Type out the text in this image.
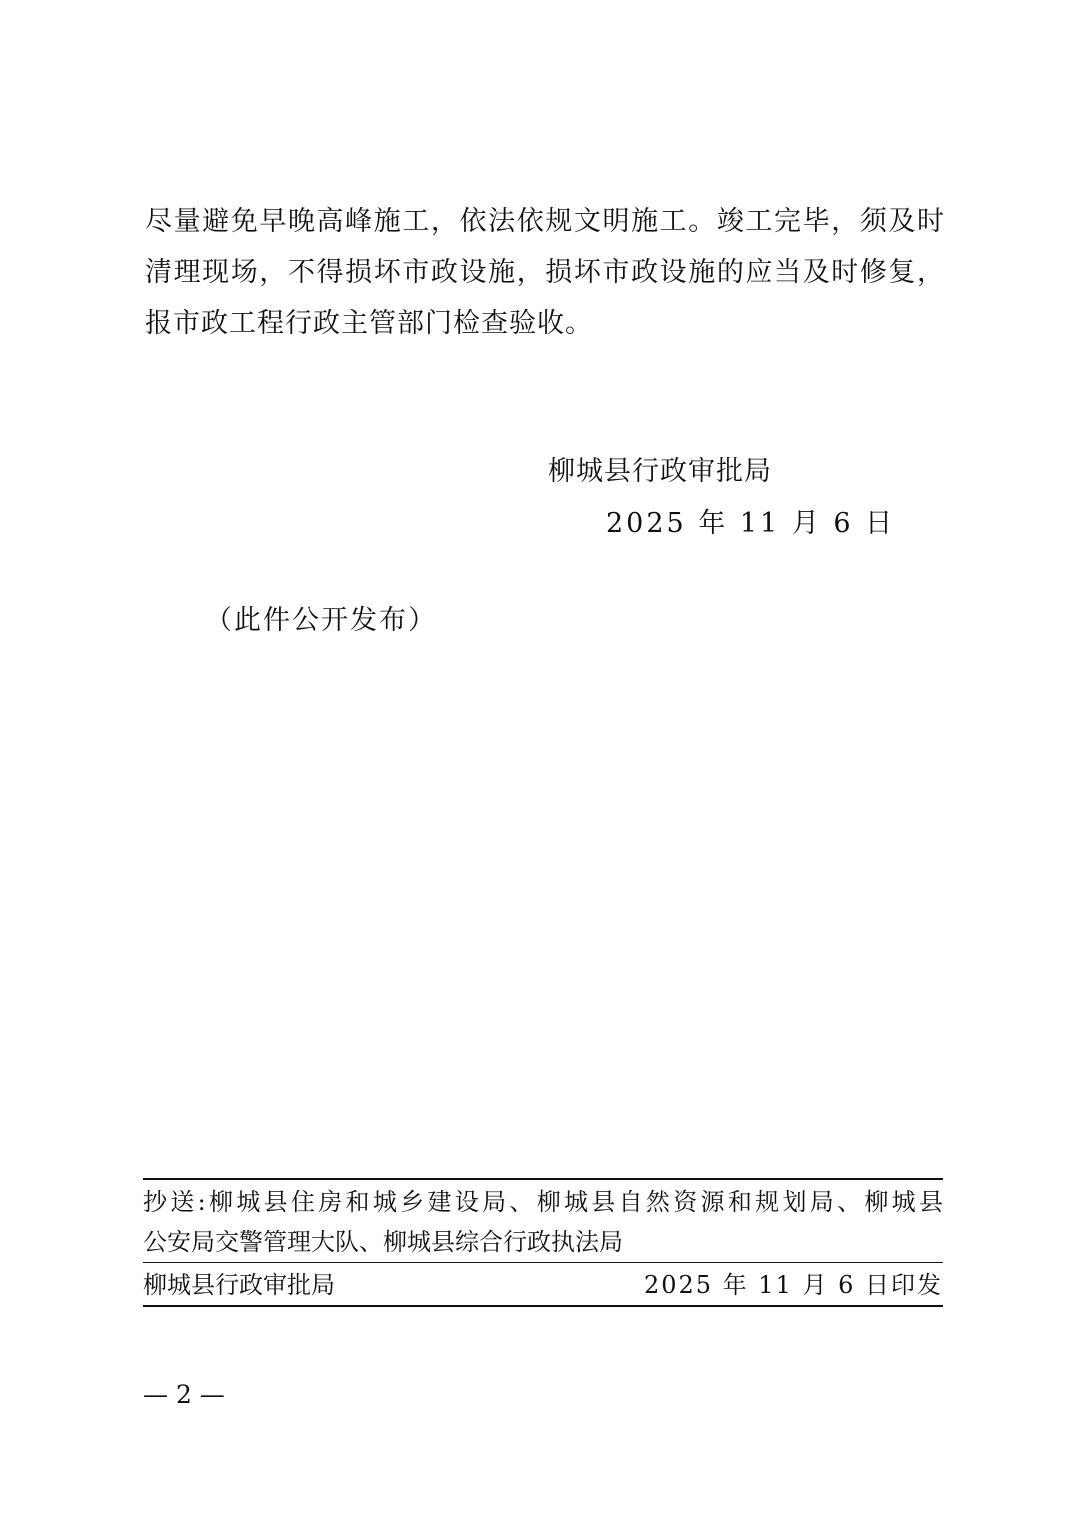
尽量避免早晚高峰施工，依法依规文明施工。竣工完毕，须及时
清理现场，不得损坏市政设施，损坏市政设施的应当及时修复，
报市政工程行政主管部门检查验收。
柳城县行政审批局
2025 年 11 月 6 日
（此件公开发布）
抄送:柳城县住房和城乡建设局、柳城县自然资源和规划局、柳城县
公安局交警管理大队、柳城县综合行政执法局
柳城县行政审批局	2025 年 11 月 6 日印发
— 2 —
